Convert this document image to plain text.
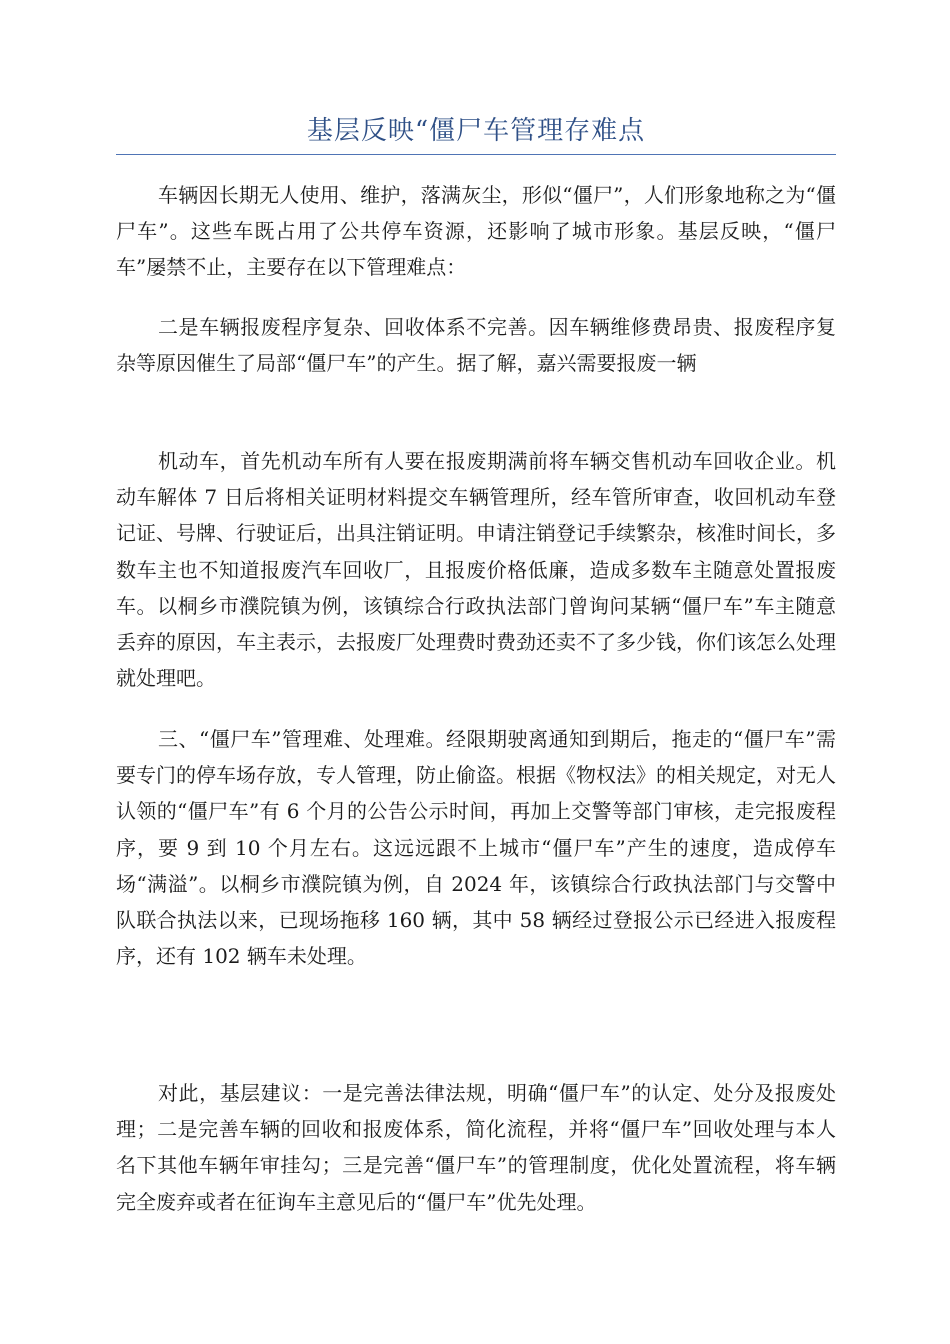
基层反映“僵尸车管理存难点

车辆因长期无人使用、维护，落满灰尘，形似“僵尸”，人们形象地称之为“僵尸车”。这些车既占用了公共停车资源，还影响了城市形象。基层反映，“僵尸车”屡禁不止，主要存在以下管理难点：

二是车辆报废程序复杂、回收体系不完善。因车辆维修费昂贵、报废程序复杂等原因催生了局部“僵尸车”的产生。据了解，嘉兴需要报废一辆

机动车，首先机动车所有人要在报废期满前将车辆交售机动车回收企业。机动车解体 7 日后将相关证明材料提交车辆管理所，经车管所审查，收回机动车登记证、号牌、行驶证后，出具注销证明。申请注销登记手续繁杂，核准时间长，多数车主也不知道报废汽车回收厂，且报废价格低廉，造成多数车主随意处置报废车。以桐乡市濮院镇为例，该镇综合行政执法部门曾询问某辆“僵尸车”车主随意丢弃的原因，车主表示，去报废厂处理费时费劲还卖不了多少钱，你们该怎么处理就处理吧。

三、“僵尸车”管理难、处理难。经限期驶离通知到期后，拖走的“僵尸车”需要专门的停车场存放，专人管理，防止偷盗。根据《物权法》的相关规定，对无人认领的“僵尸车”有 6 个月的公告公示时间，再加上交警等部门审核，走完报废程序，要 9 到 10 个月左右。这远远跟不上城市“僵尸车”产生的速度，造成停车场“满溢”。以桐乡市濮院镇为例，自 2024 年，该镇综合行政执法部门与交警中队联合执法以来，已现场拖移 160 辆，其中 58 辆经过登报公示已经进入报废程序，还有 102 辆车未处理。

对此，基层建议：一是完善法律法规，明确“僵尸车”的认定、处分及报废处理；二是完善车辆的回收和报废体系，简化流程，并将“僵尸车”回收处理与本人名下其他车辆年审挂勾；三是完善“僵尸车”的管理制度，优化处置流程，将车辆完全废弃或者在征询车主意见后的“僵尸车”优先处理。
